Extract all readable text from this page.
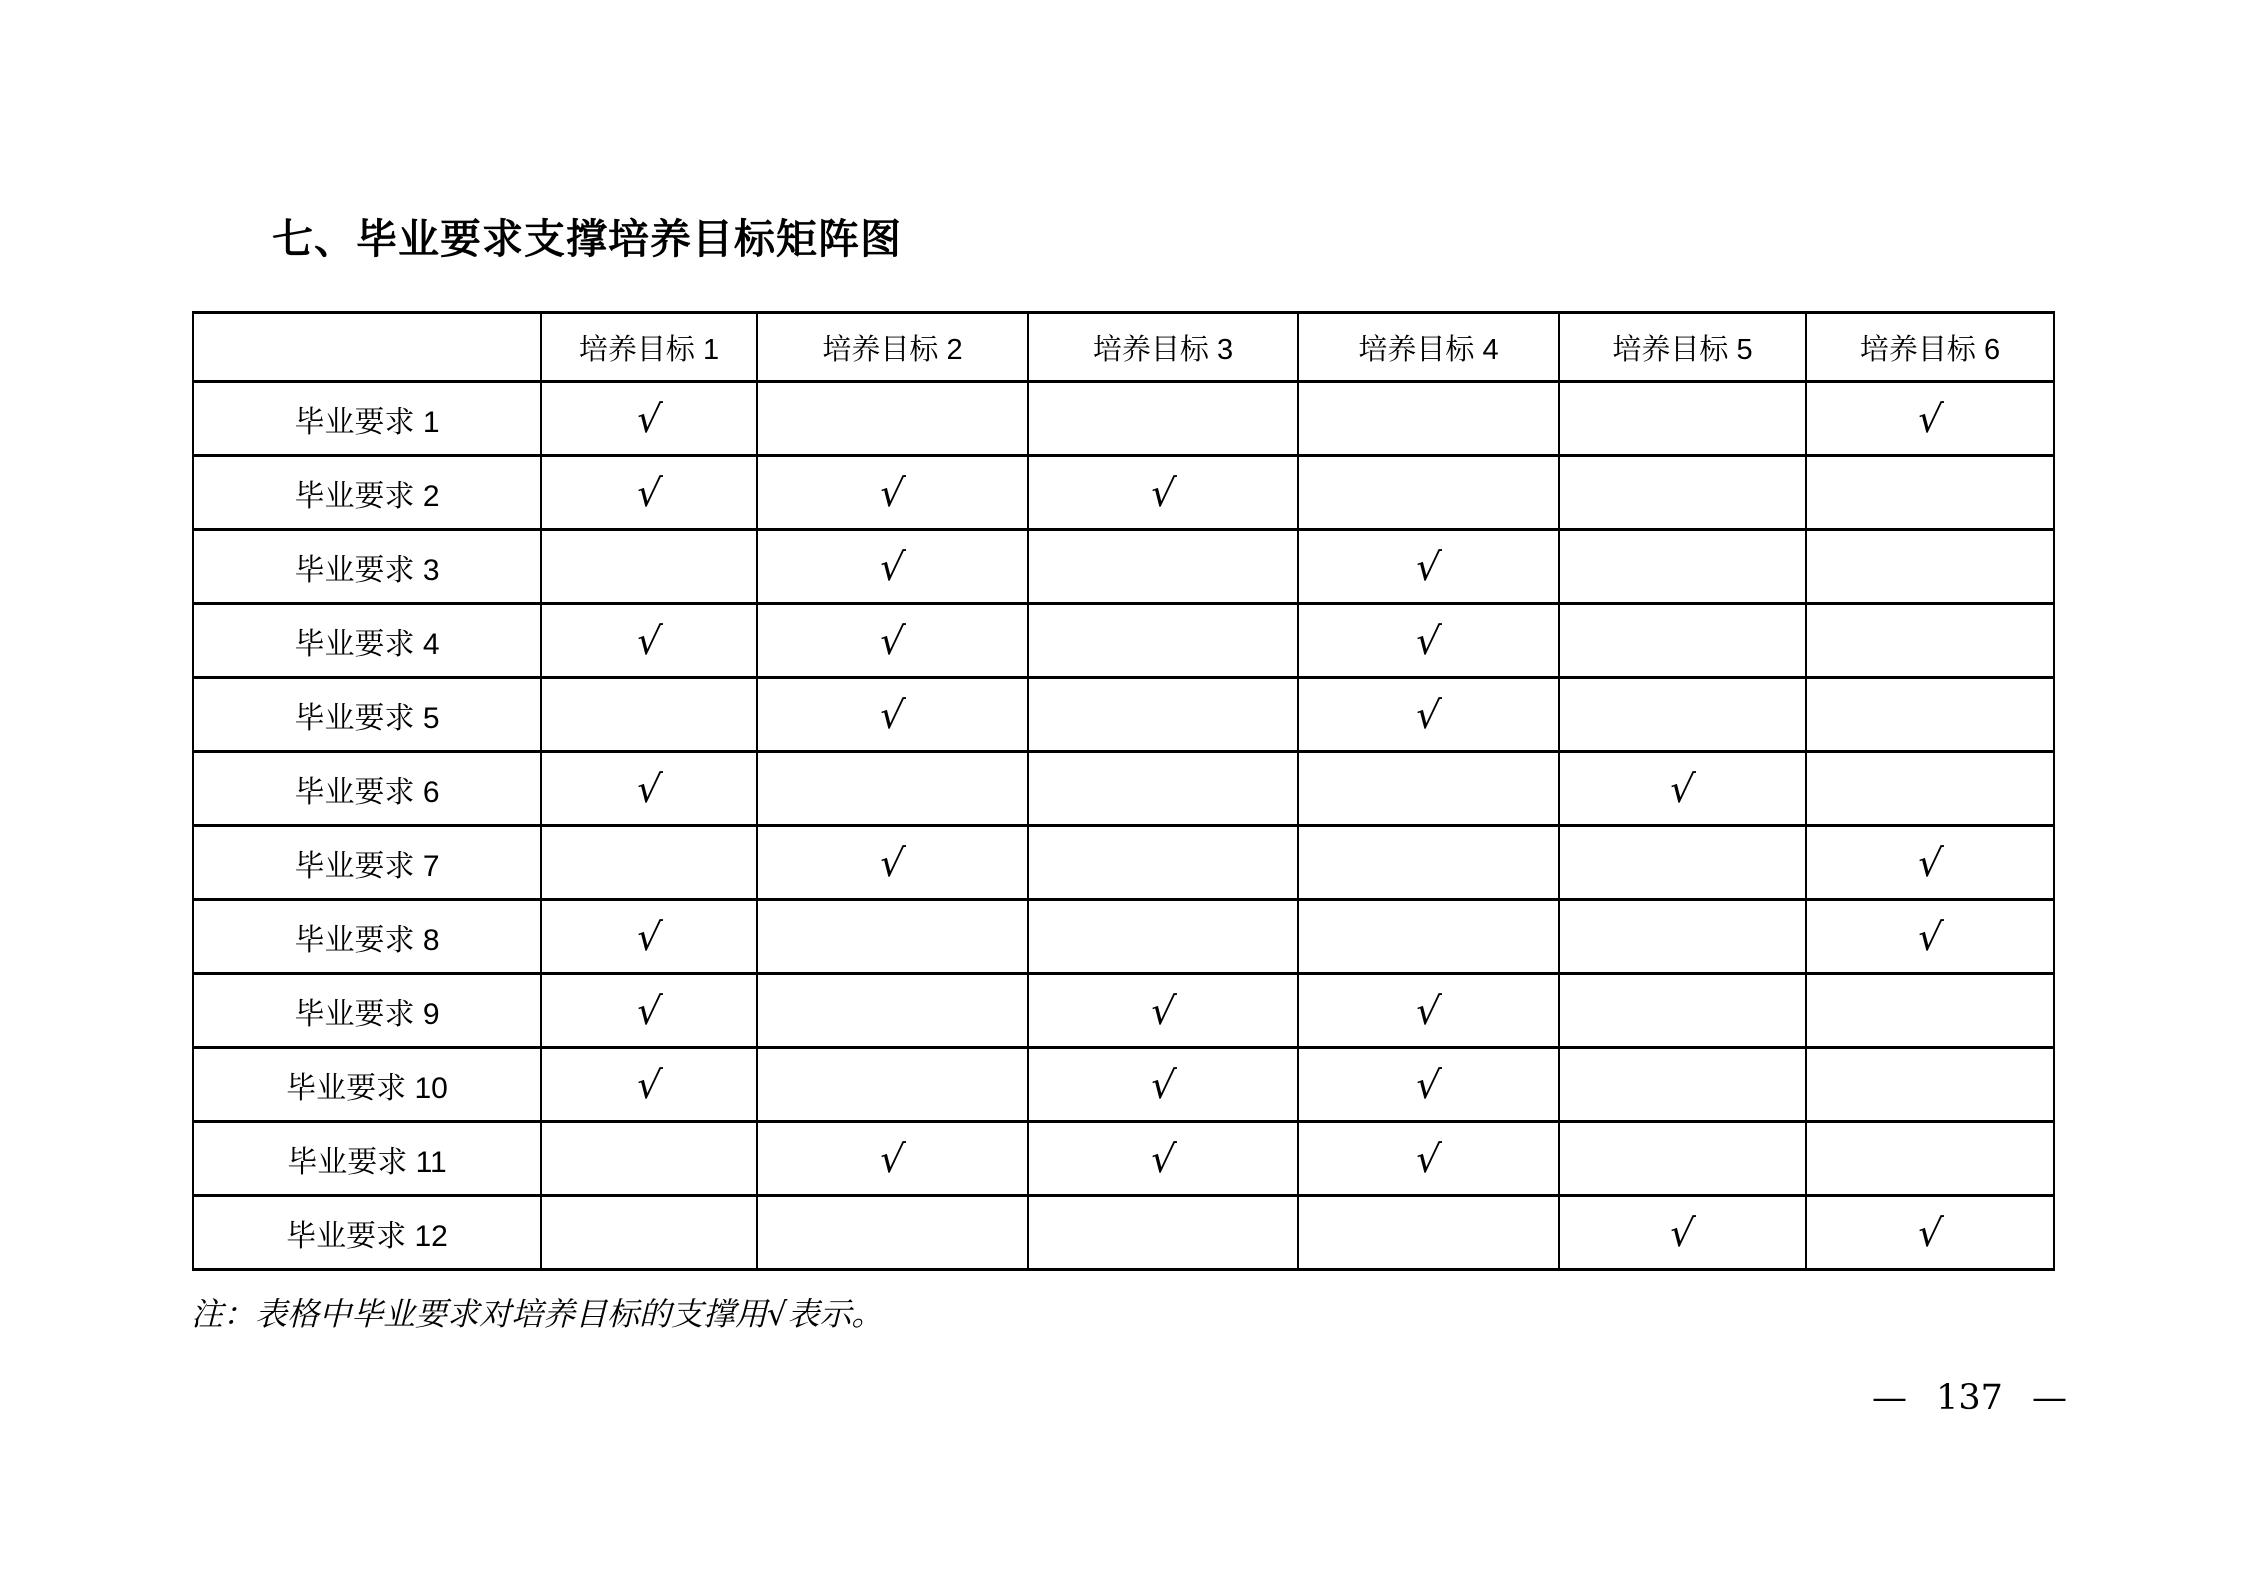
七、毕业要求支撑培养目标矩阵图
	培养目标 1	培养目标 2	培养目标 3	培养目标 4	培养目标 5	培养目标 6
毕业要求 1	√					√
毕业要求 2	√	√	√			
毕业要求 3		√		√		
毕业要求 4	√	√		√		
毕业要求 5		√		√		
毕业要求 6	√				√	
毕业要求 7		√				√
毕业要求 8	√					√
毕业要求 9	√		√	√		
毕业要求 10	√		√	√		
毕业要求 11		√	√	√		
毕业要求 12					√	√
注：表格中毕业要求对培养目标的支撑用√表示。
— 137 —
